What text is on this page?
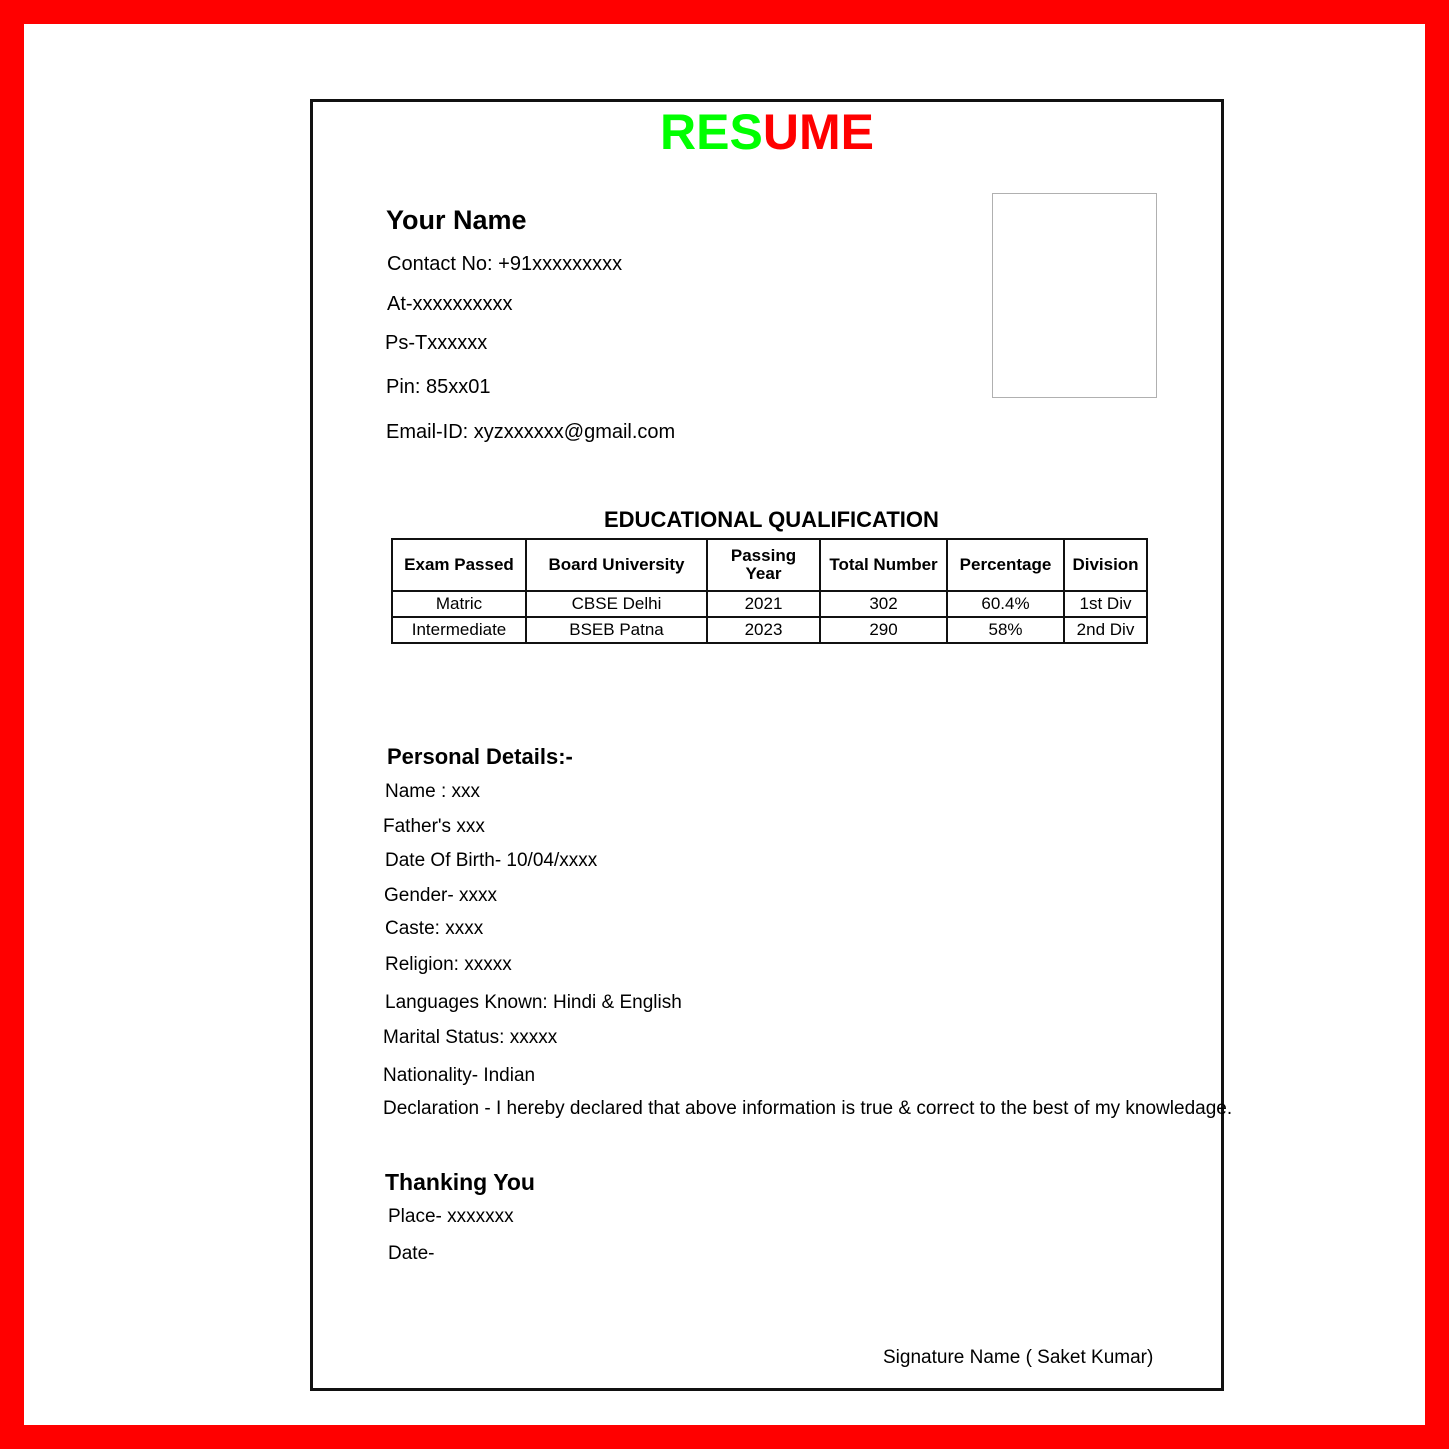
RESUME
Your Name
Contact No: +91xxxxxxxxx
At-xxxxxxxxxx
Ps-Txxxxxx
Pin: 85xx01
Email-ID: xyzxxxxxx@gmail.com
EDUCATIONAL QUALIFICATION
Exam Passed	Board University	Passing Year	Total Number	Percentage	Division
Matric	CBSE Delhi	2021	302	60.4%	1st Div
Intermediate	BSEB Patna	2023	290	58%	2nd Div
Personal Details:-
Name : xxx
Father's xxx
Date Of Birth- 10/04/xxxx
Gender- xxxx
Caste: xxxx
Religion: xxxxx
Languages Known: Hindi & English
Marital Status: xxxxx
Nationality- Indian
Declaration - I hereby declared that above information is true & correct to the best of my knowledage.
Thanking You
Place- xxxxxxx
Date-
Signature Name ( Saket Kumar)
